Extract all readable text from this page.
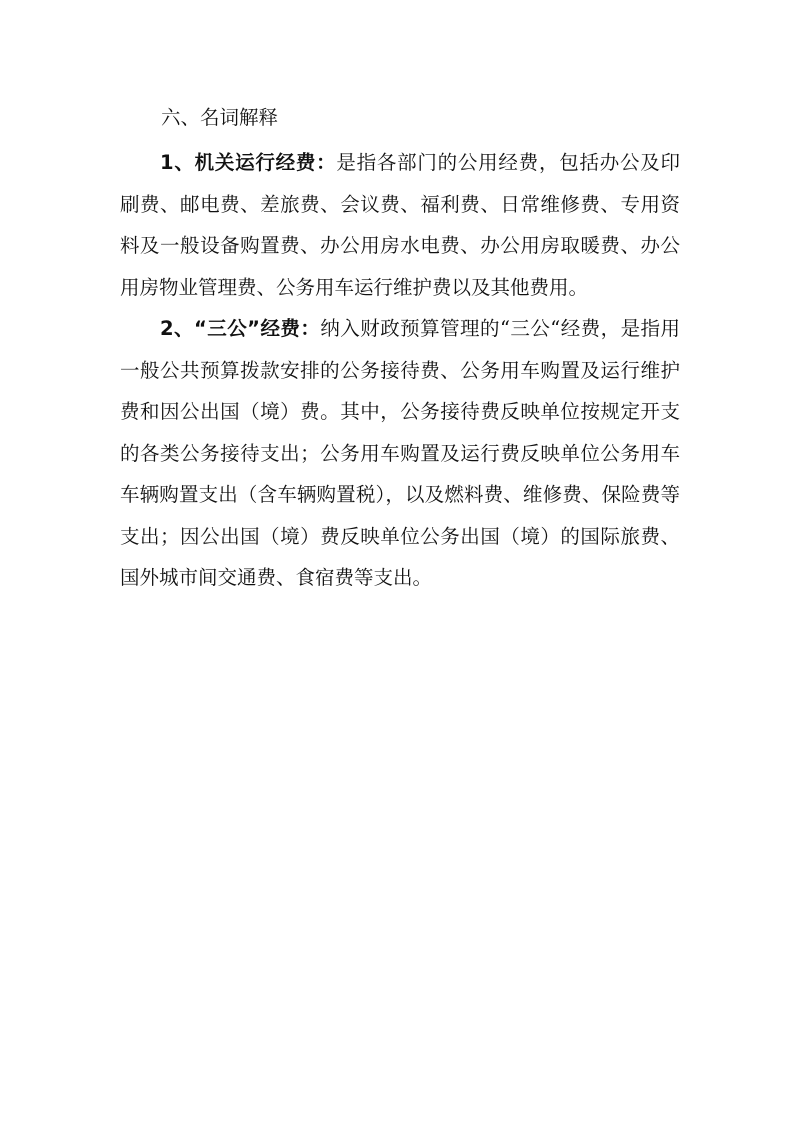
六、名词解释

1、机关运行经费：是指各部门的公用经费，包括办公及印刷费、邮电费、差旅费、会议费、福利费、日常维修费、专用资料及一般设备购置费、办公用房水电费、办公用房取暖费、办公用房物业管理费、公务用车运行维护费以及其他费用。

2、“三公”经费：纳入财政预算管理的“三公“经费，是指用一般公共预算拨款安排的公务接待费、公务用车购置及运行维护费和因公出国（境）费。其中，公务接待费反映单位按规定开支的各类公务接待支出；公务用车购置及运行费反映单位公务用车车辆购置支出（含车辆购置税），以及燃料费、维修费、保险费等支出；因公出国（境）费反映单位公务出国（境）的国际旅费、国外城市间交通费、食宿费等支出。
